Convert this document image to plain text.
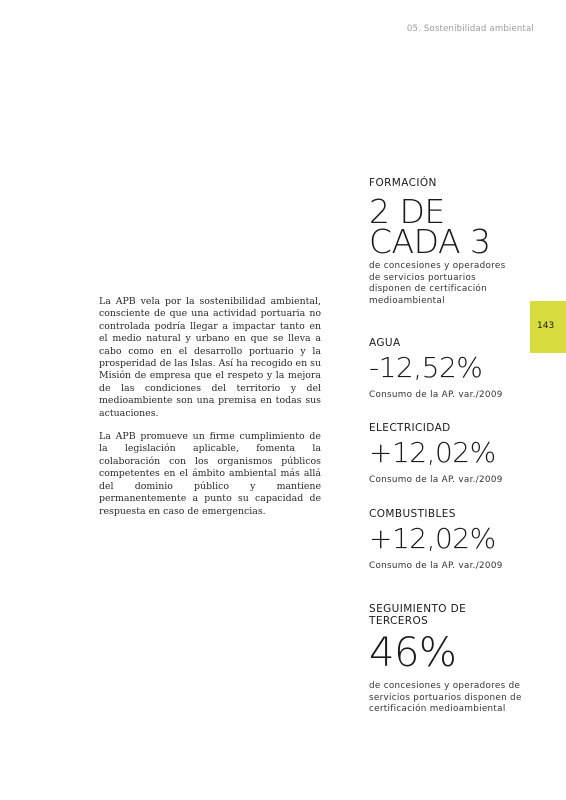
05. Sostenibilidad ambiental

La APB vela por la sostenibilidad ambiental, consciente de que una actividad portuaria no controlada podría llegar a impactar tanto en el medio natural y urbano en que se lleva a cabo como en el desarrollo portuario y la prosperidad de las Islas. Así ha recogido en su Misión de empresa que el respeto y la mejora de las condiciones del territorio y del medioambiente son una premisa en todas sus actuaciones.

La APB promueve un firme cumplimiento de la legislación aplicable, fomenta la colaboración con los organismos públicos competentes en el ámbito ambiental más allá del dominio público y mantiene permanentemente a punto su capacidad de respuesta en caso de emergencias.

143
FORMACIÓN
2 DE
CADA 3
de concesiones y operadores de servicios portuarios disponen de certificación medioambiental
AGUA
-12,52%
Consumo de la AP. var./2009
ELECTRICIDAD
+12,02%
Consumo de la AP. var./2009
COMBUSTIBLES
+12,02%
Consumo de la AP. var./2009
SEGUIMIENTO DE
TERCEROS
46%
de concesiones y operadores de servicios portuarios disponen de certificación medioambiental
